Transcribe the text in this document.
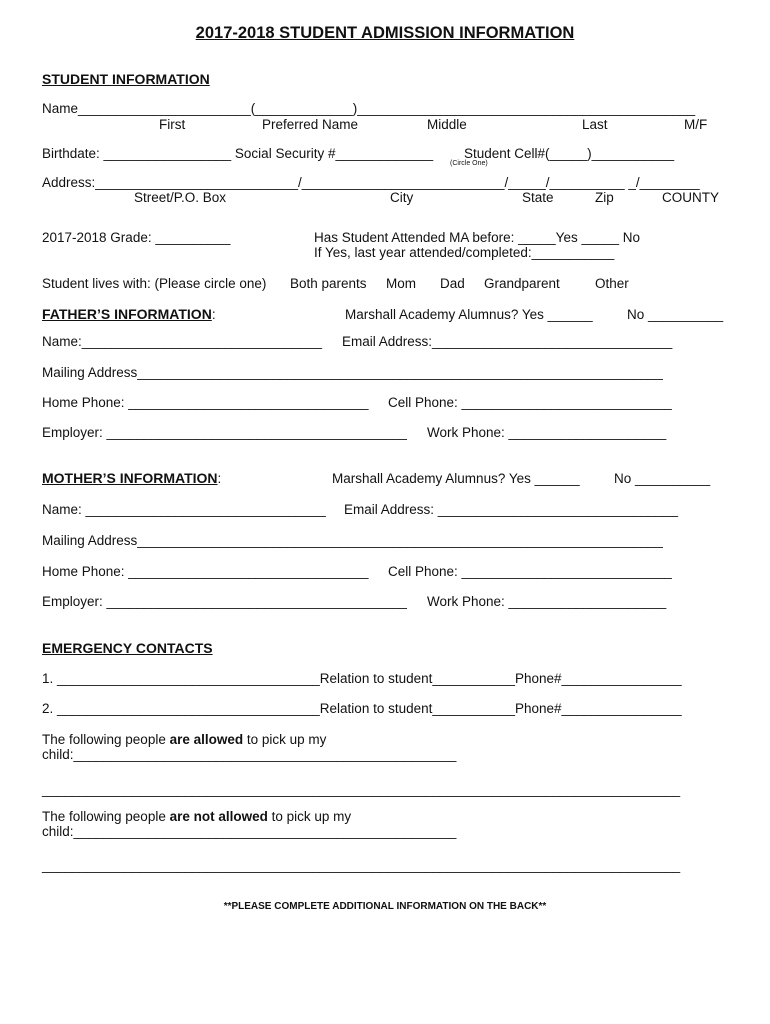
2017-2018 STUDENT ADMISSION INFORMATION
STUDENT INFORMATION
Name_______________________(_____________)_____________________________________________
First	Preferred Name	Middle	Last	M/F
Birthdate: _________________ Social Security #_____________ Student Cell#(_____)___________
(Circle One)
Address:___________________________/___________________________/_____/__________ _/________
Street/P.O. Box	City	State	Zip	COUNTY
2017-2018 Grade: __________	Has Student Attended MA before: _____Yes _____ No
If Yes, last year attended/completed:___________
Student lives with: (Please circle one) Both parents Mom Dad Grandparent	Other
FATHER’S INFORMATION:	Marshall Academy Alumnus? Yes ______	No __________
Name:________________________________ Email Address:________________________________
Mailing Address______________________________________________________________________
Home Phone: ________________________________ Cell Phone: ____________________________
Employer: ________________________________________ Work Phone: _____________________
MOTHER’S INFORMATION:	Marshall Academy Alumnus? Yes ______	No __________
Name: ________________________________ Email Address: ________________________________
Mailing Address______________________________________________________________________
Home Phone: ________________________________ Cell Phone: ____________________________
Employer: ________________________________________ Work Phone: _____________________
EMERGENCY CONTACTS
1. ___________________________________Relation to student___________Phone#________________
2. ___________________________________Relation to student___________Phone#________________
The following people are allowed to pick up my
child:___________________________________________________
_____________________________________________________________________________________
The following people are not allowed to pick up my
child:___________________________________________________
_____________________________________________________________________________________
**PLEASE COMPLETE ADDITIONAL INFORMATION ON THE BACK**
